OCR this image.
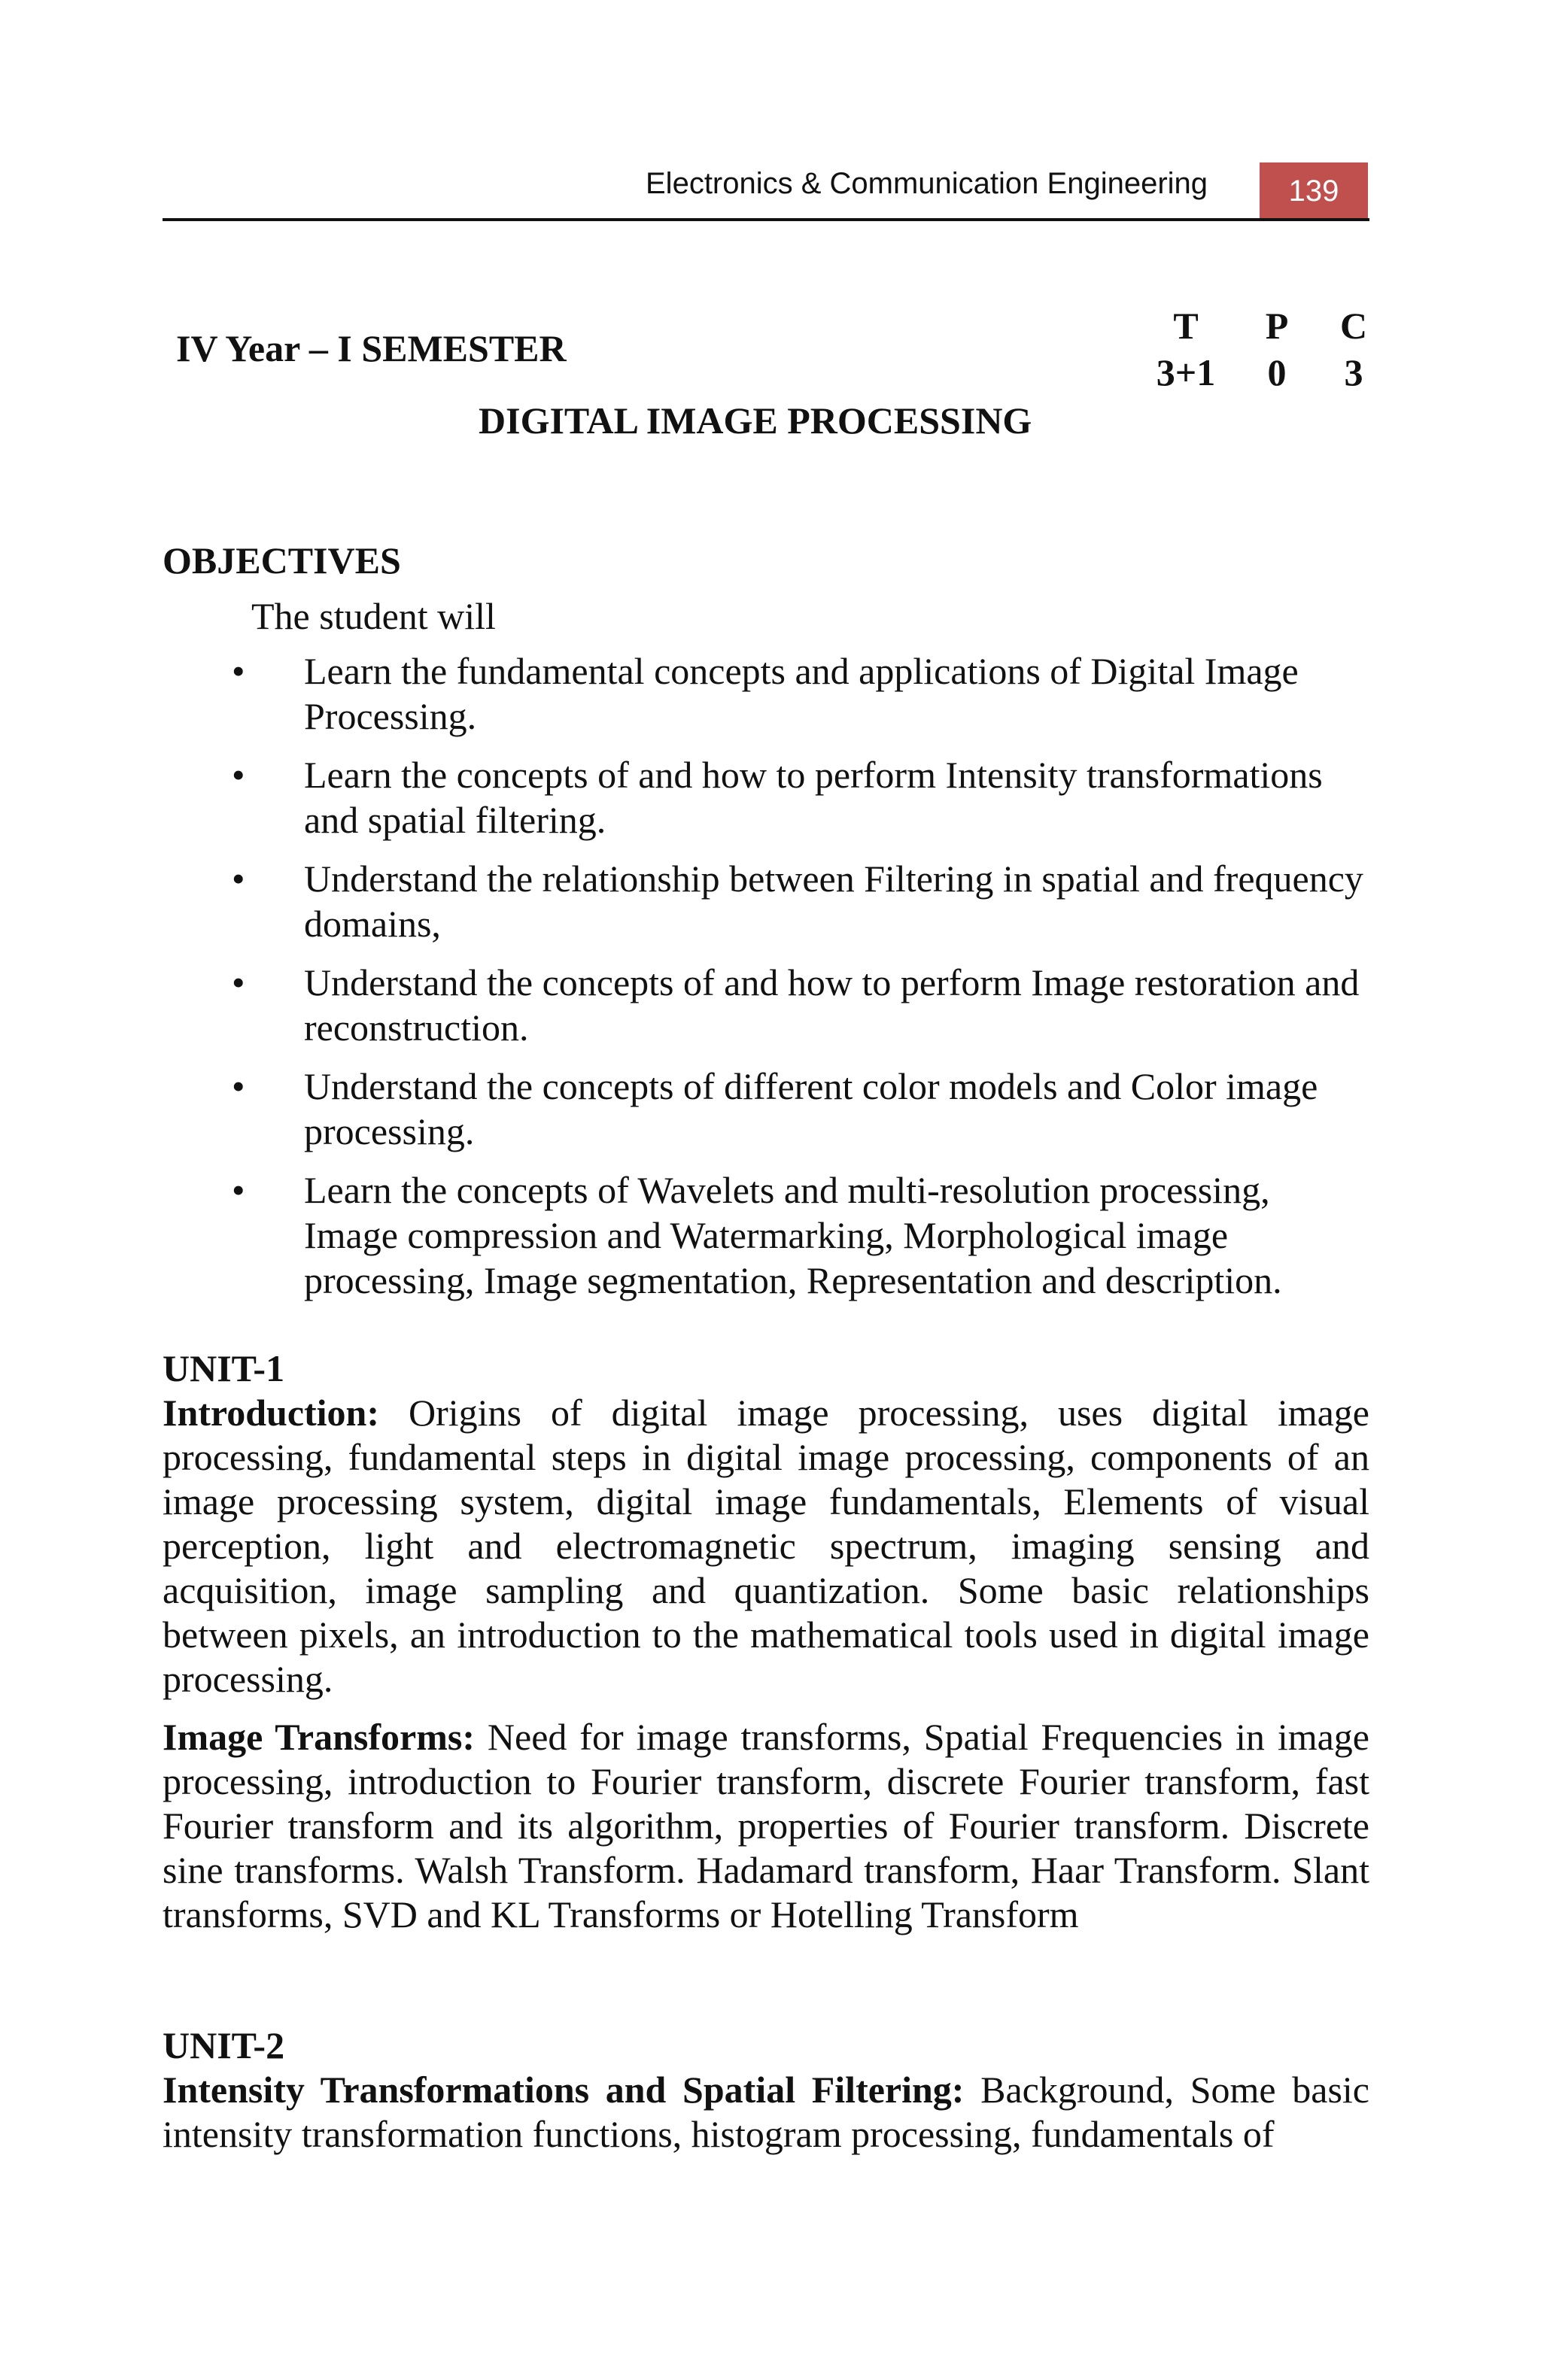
Electronics & Communication Engineering	139
IV Year – I SEMESTER
T	P	C
3+1	0	3
DIGITAL IMAGE PROCESSING
OBJECTIVES
The student will
• Learn the fundamental concepts and applications of Digital Image Processing.
• Learn the concepts of and how to perform Intensity transformations and spatial filtering.
• Understand the relationship between Filtering in spatial and frequency domains,
• Understand the concepts of and how to perform Image restoration and reconstruction.
• Understand the concepts of different color models and Color image processing.
• Learn the concepts of Wavelets and multi-resolution processing, Image compression and Watermarking, Morphological image processing, Image segmentation, Representation and description.
UNIT-1

Introduction: Origins of digital image processing, uses digital image processing, fundamental steps in digital image processing, components of an image processing system, digital image fundamentals, Elements of visual perception, light and electromagnetic spectrum, imaging sensing and acquisition, image sampling and quantization. Some basic relationships between pixels, an introduction to the mathematical tools used in digital image processing.

Image Transforms: Need for image transforms, Spatial Frequencies in image processing, introduction to Fourier transform, discrete Fourier transform, fast Fourier transform and its algorithm, properties of Fourier transform. Discrete sine transforms. Walsh Transform. Hadamard transform, Haar Transform. Slant transforms, SVD and KL Transforms or Hotelling Transform

UNIT-2

Intensity Transformations and Spatial Filtering: Background, Some basic intensity transformation functions, histogram processing, fundamentals of
